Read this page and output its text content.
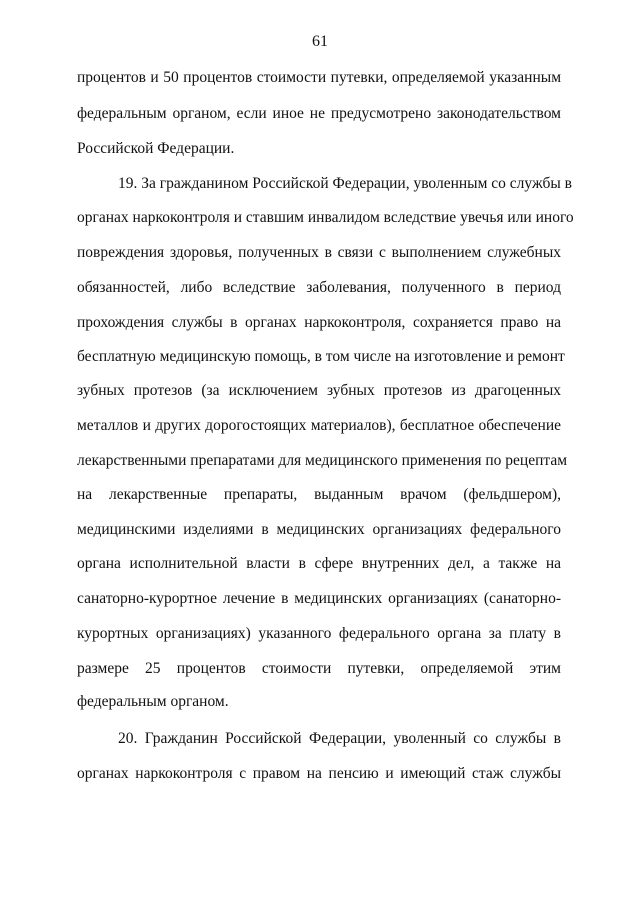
61
процентов и 50 процентов стоимости путевки, определяемой указанным
федеральным органом, если иное не предусмотрено законодательством
Российской Федерации.
19. За гражданином Российской Федерации, уволенным со службы в
органах наркоконтроля и ставшим инвалидом вследствие увечья или иного
повреждения здоровья, полученных в связи с выполнением служебных
обязанностей, либо вследствие заболевания, полученного в период
прохождения службы в органах наркоконтроля, сохраняется право на
бесплатную медицинскую помощь, в том числе на изготовление и ремонт
зубных протезов (за исключением зубных протезов из драгоценных
металлов и других дорогостоящих материалов), бесплатное обеспечение
лекарственными препаратами для медицинского применения по рецептам
на лекарственные препараты, выданным врачом (фельдшером),
медицинскими изделиями в медицинских организациях федерального
органа исполнительной власти в сфере внутренних дел, а также на
санаторно-курортное лечение в медицинских организациях (санаторно-
курортных организациях) указанного федерального органа за плату в
размере 25 процентов стоимости путевки, определяемой этим
федеральным органом.
20. Гражданин Российской Федерации, уволенный со службы в
органах наркоконтроля с правом на пенсию и имеющий стаж службы
